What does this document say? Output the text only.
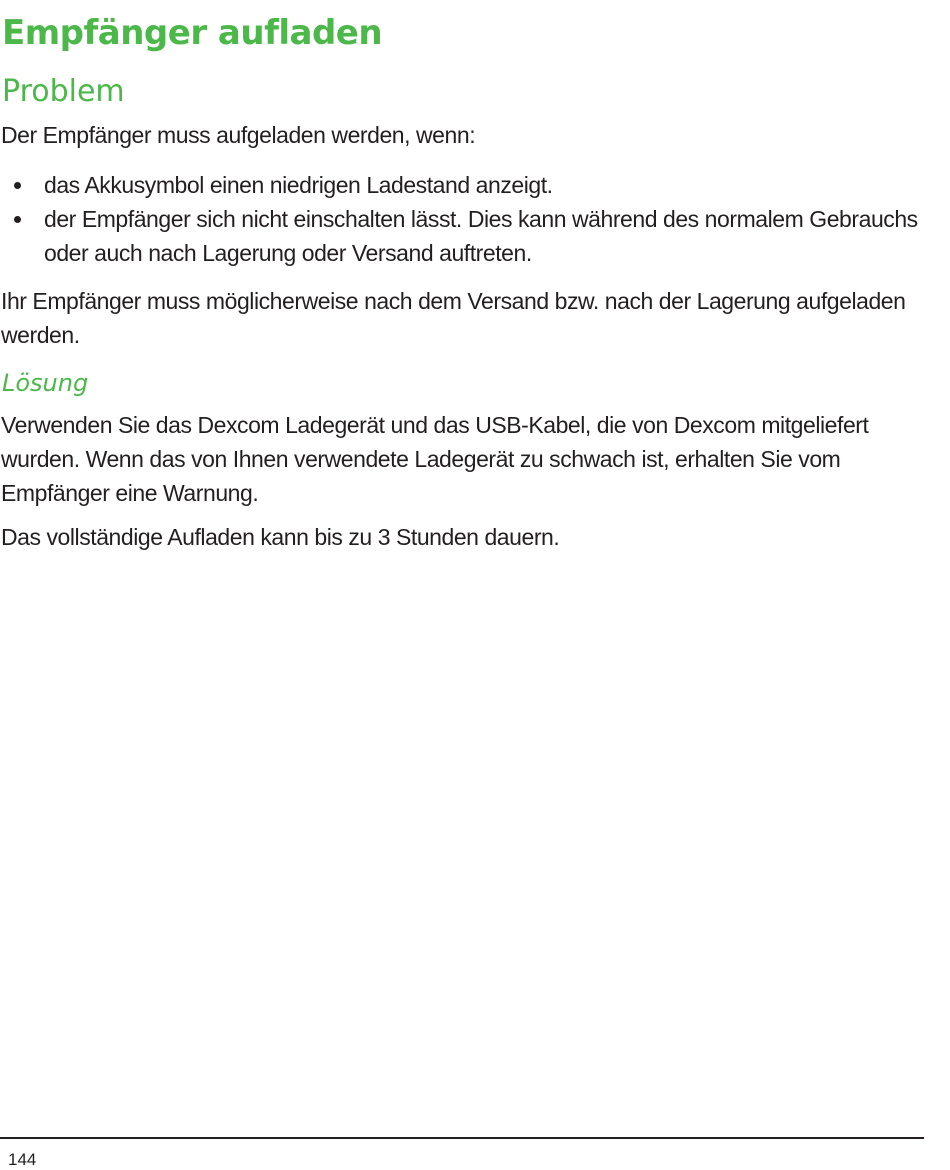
Empfänger aufladen
Problem

Der Empfänger muss aufgeladen werden, wenn:

das Akkusymbol einen niedrigen Ladestand anzeigt.
der Empfänger sich nicht einschalten lässt. Dies kann während des normalem Gebrauchs oder auch nach Lagerung oder Versand auftreten.

Ihr Empfänger muss möglicherweise nach dem Versand bzw. nach der Lagerung aufgeladen werden.

Lösung

Verwenden Sie das Dexcom Ladegerät und das USB-Kabel, die von Dexcom mitgeliefert wurden. Wenn das von Ihnen verwendete Ladegerät zu schwach ist, erhalten Sie vom Empfänger eine Warnung.

Das vollständige Aufladen kann bis zu 3 Stunden dauern.

144
